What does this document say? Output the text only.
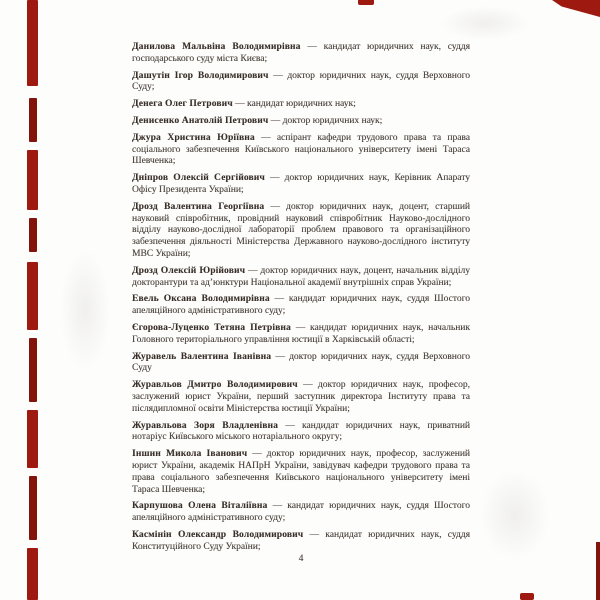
Данилова Мальвіна Володимирівна — кандидат юридичних наук, суддя господарського суду міста Києва;

Дашутін Ігор Володимирович — доктор юридичних наук, суддя Верховного Суду;

Денега Олег Петрович — кандидат юридичних наук;

Денисенко Анатолій Петрович — доктор юридичних наук;

Джура Христина Юріївна — аспірант кафедри трудового права та права соціального забезпечення Київського національного університету імені Тараса Шевченка;

Дніпров Олексій Сергійович — доктор юридичних наук, Керівник Апарату Офісу Президента України;

Дрозд Валентина Георгіївна — доктор юридичних наук, доцент, старший науковий співробітник, провідний науковий співробітник Науково-дослідного відділу науково-дослідної лабораторії проблем правового та організаційного забезпечення діяльності Міністерства Державного науково-дослідного інституту МВС України;

Дрозд Олексій Юрійович — доктор юридичних наук, доцент, начальник відділу докторантури та ад’юнктури Національної академії внутрішніх справ України;

Евель Оксана Володимирівна — кандидат юридичних наук, суддя Шостого апеляційного адміністративного суду;

Єгорова-Луценко Тетяна Петрівна — кандидат юридичних наук, начальник Головного територіального управління юстиції в Харківській області;

Журавель Валентина Іванівна — доктор юридичних наук, суддя Верховного Суду

Журавльов Дмитро Володимирович — доктор юридичних наук, професор, заслужений юрист України, перший заступник директора Інституту права та післядипломної освіти Міністерства юстиції України;

Журавльова Зоря Владленівна — кандидат юридичних наук, приватний нотаріус Київського міського нотаріального округу;

Іншин Микола Іванович — доктор юридичних наук, професор, заслужений юрист України, академік НАПрН України, завідувач кафедри трудового права та права соціального забезпечення Київського національного університету імені Тараса Шевченка;

Карпушова Олена Віталіївна — кандидат юридичних наук, суддя Шостого апеляційного адміністративного суду;

Касмінін Олександр Володимирович — кандидат юридичних наук, суддя Конституційного Суду України;

4
